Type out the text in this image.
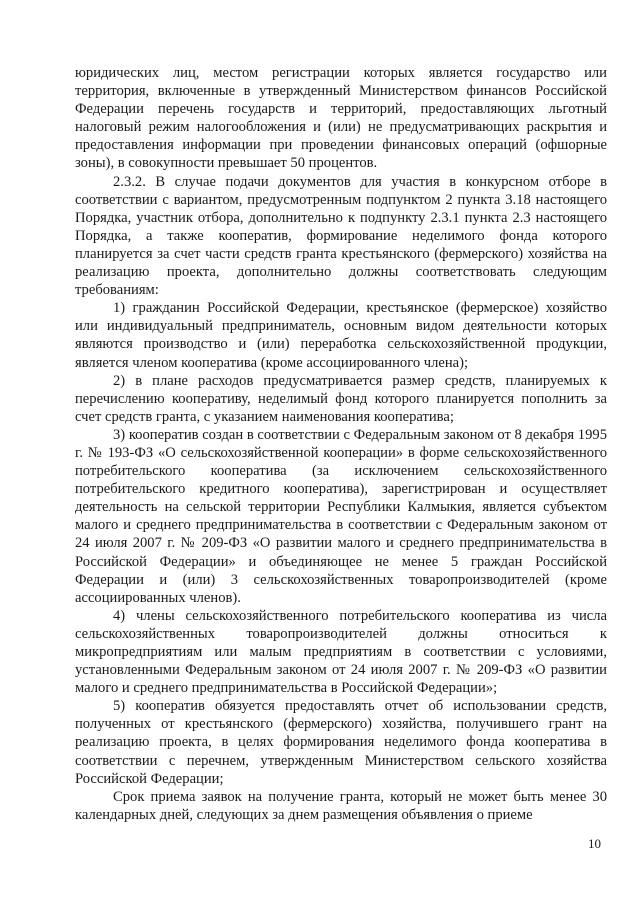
юридических лиц, местом регистрации которых является государство или территория, включенные в утвержденный Министерством финансов Российской Федерации перечень государств и территорий, предоставляющих льготный налоговый режим налогообложения и (или) не предусматривающих раскрытия и предоставления информации при проведении финансовых операций (офшорные зоны), в совокупности превышает 50 процентов.

2.3.2. В случае подачи документов для участия в конкурсном отборе в соответствии с вариантом, предусмотренным подпунктом 2 пункта 3.18 настоящего Порядка, участник отбора, дополнительно к подпункту 2.3.1 пункта 2.3 настоящего Порядка, а также кооператив, формирование неделимого фонда которого планируется за счет части средств гранта крестьянского (фермерского) хозяйства на реализацию проекта, дополнительно должны соответствовать следующим требованиям:

1) гражданин Российской Федерации, крестьянское (фермерское) хозяйство или индивидуальный предприниматель, основным видом деятельности которых являются производство и (или) переработка сельскохозяйственной продукции, является членом кооператива (кроме ассоциированного члена);

2) в плане расходов предусматривается размер средств, планируемых к перечислению кооперативу, неделимый фонд которого планируется пополнить за счет средств гранта, с указанием наименования кооператива;

3) кооператив создан в соответствии с Федеральным законом от 8 декабря 1995 г. № 193-ФЗ «О сельскохозяйственной кооперации» в форме сельскохозяйственного потребительского кооператива (за исключением сельскохозяйственного потребительского кредитного кооператива), зарегистрирован и осуществляет деятельность на сельской территории Республики Калмыкия, является субъектом малого и среднего предпринимательства в соответствии с Федеральным законом от 24 июля 2007 г. № 209-ФЗ «О развитии малого и среднего предпринимательства в Российской Федерации» и объединяющее не менее 5 граждан Российской Федерации и (или) 3 сельскохозяйственных товаропроизводителей (кроме ассоциированных членов).

4) члены сельскохозяйственного потребительского кооператива из числа сельскохозяйственных товаропроизводителей должны относиться к микропредприятиям или малым предприятиям в соответствии с условиями, установленными Федеральным законом от 24 июля 2007 г. № 209-ФЗ «О развитии малого и среднего предпринимательства в Российской Федерации»;

5) кооператив обязуется предоставлять отчет об использовании средств, полученных от крестьянского (фермерского) хозяйства, получившего грант на реализацию проекта, в целях формирования неделимого фонда кооператива в соответствии с перечнем, утвержденным Министерством сельского хозяйства Российской Федерации;

Срок приема заявок на получение гранта, который не может быть менее 30 календарных дней, следующих за днем размещения объявления о приеме

10
